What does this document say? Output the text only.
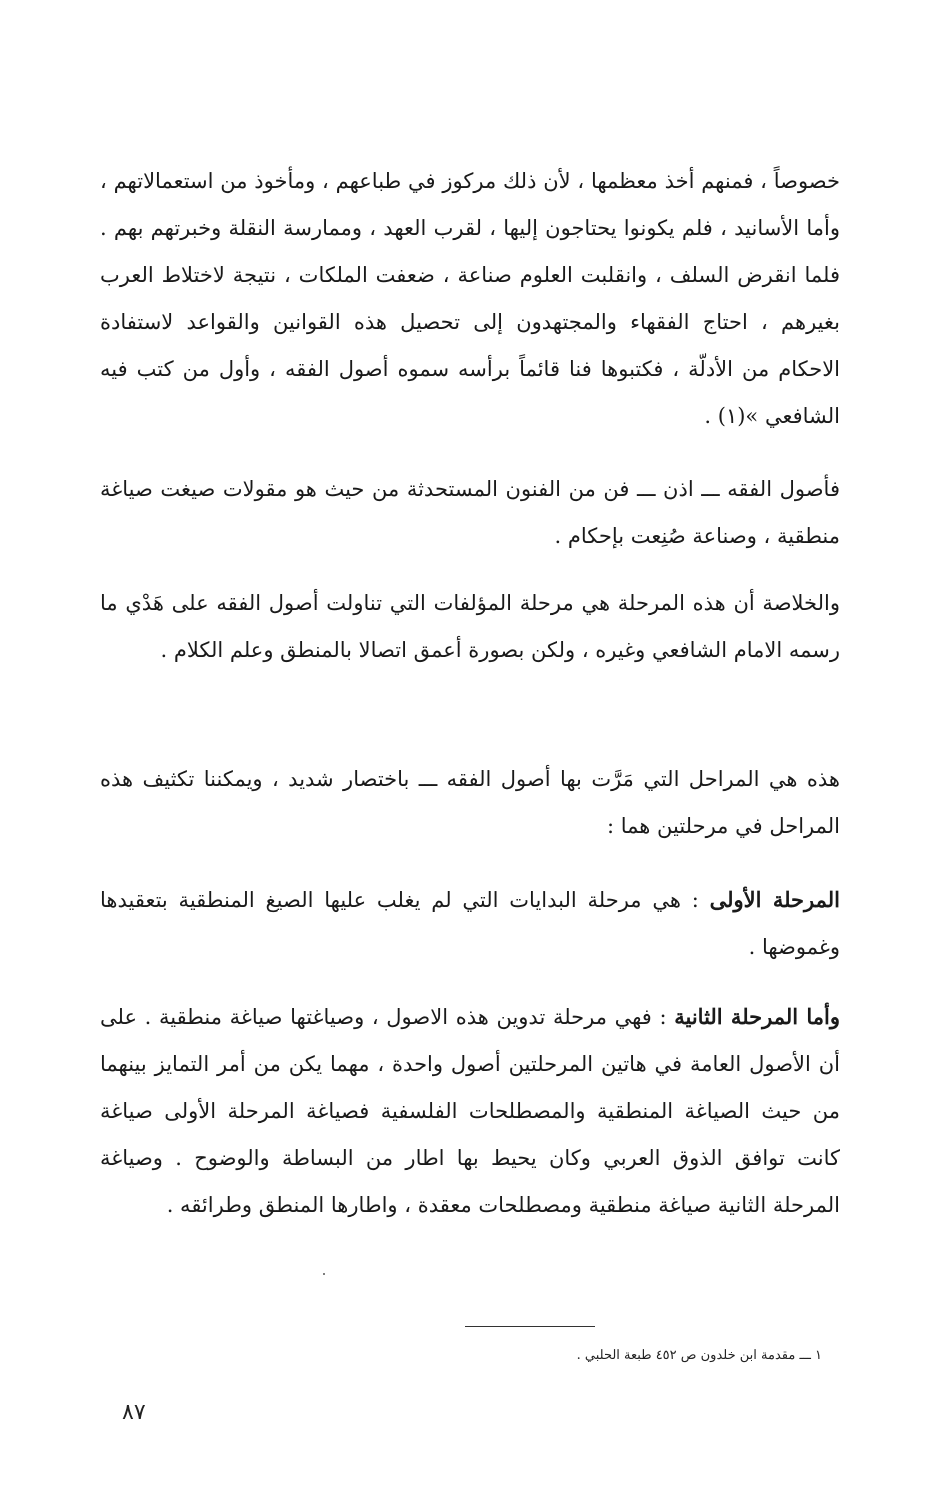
خصوصاً ، فمنهم أخذ معظمها ، لأن ذلك مركوز في طباعهم ، ومأخوذ من استعمالاتهم ، وأما الأسانيد ، فلم يكونوا يحتاجون إليها ، لقرب العهد ، وممارسة النقلة وخبرتهم بهم . فلما انقرض السلف ، وانقلبت العلوم صناعة ، ضعفت الملكات ، نتيجة لاختلاط العرب بغيرهم ، احتاج الفقهاء والمجتهدون إلى تحصيل هذه القوانين والقواعد لاستفادة الاحكام من الأدلّة ، فكتبوها فنا قائماً برأسه سموه أصول الفقه ، وأول من كتب فيه الشافعي »(١) .

فأصول الفقه ـــ اذن ـــ فن من الفنون المستحدثة من حيث هو مقولات صيغت صياغة منطقية ، وصناعة صُنِعت بإحكام .

والخلاصة أن هذه المرحلة هي مرحلة المؤلفات التي تناولت أصول الفقه على هَدْي ما رسمه الامام الشافعي وغيره ، ولكن بصورة أعمق اتصالا بالمنطق وعلم الكلام .

هذه هي المراحل التي مَرَّت بها أصول الفقه ـــ باختصار شديد ، ويمكننا تكثيف هذه المراحل في مرحلتين هما :

المرحلة الأولى : هي مرحلة البدايات التي لم يغلب عليها الصيغ المنطقية بتعقيدها وغموضها .

وأما المرحلة الثانية : فهي مرحلة تدوين هذه الاصول ، وصياغتها صياغة منطقية . على أن الأصول العامة في هاتين المرحلتين أصول واحدة ، مهما يكن من أمر التمايز بينهما من حيث الصياغة المنطقية والمصطلحات الفلسفية فصياغة المرحلة الأولى صياغة كانت توافق الذوق العربي وكان يحيط بها اطار من البساطة والوضوح . وصياغة المرحلة الثانية صياغة منطقية ومصطلحات معقدة ، واطارها المنطق وطرائقه .

١ ـــ مقدمة ابن خلدون ص ٤٥٢ طبعة الحلبي .
٨٧
